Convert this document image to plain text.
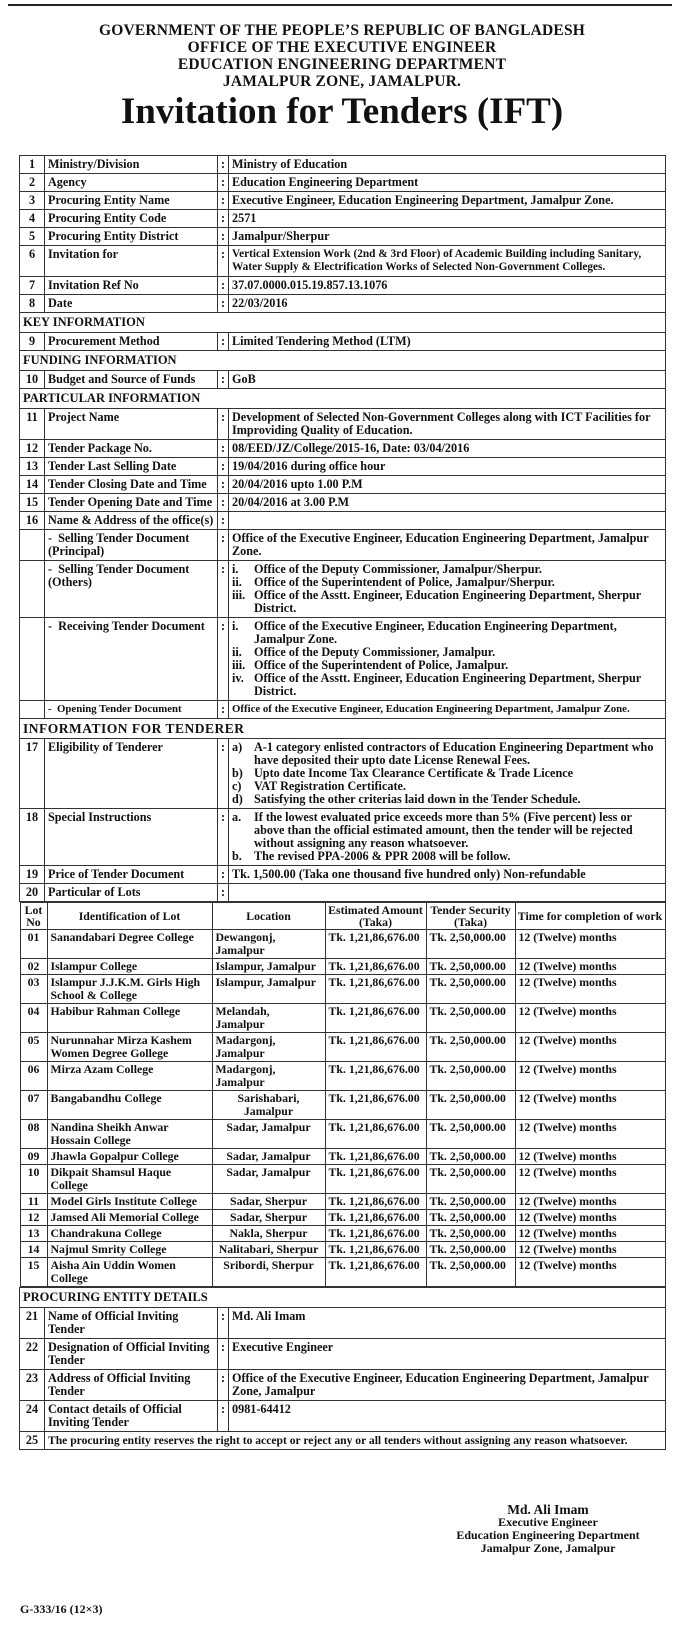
GOVERNMENT OF THE PEOPLE’S REPUBLIC OF BANGLADESH
OFFICE OF THE EXECUTIVE ENGINEER
EDUCATION ENGINEERING DEPARTMENT
JAMALPUR ZONE, JAMALPUR.
Invitation for Tenders (IFT)
1	Ministry/Division	:	Ministry of Education
2	Agency	:	Education Engineering Department
3	Procuring Entity Name	:	Executive Engineer, Education Engineering Department, Jamalpur Zone.
4	Procuring Entity Code	:	2571
5	Procuring Entity District	:	Jamalpur/Sherpur
6	Invitation for	:	Vertical Extension Work (2nd & 3rd Floor) of Academic Building including Sanitary, Water Supply & Electrification Works of Selected Non-Government Colleges.
7	Invitation Ref No	:	37.07.0000.015.19.857.13.1076
8	Date	:	22/03/2016
KEY INFORMATION
9	Procurement Method	:	Limited Tendering Method (LTM)
FUNDING INFORMATION
10	Budget and Source of Funds	:	GoB
PARTICULAR INFORMATION
11	Project Name	:	Development of Selected Non-Government Colleges along with ICT Facilities for Improviding Quality of Education.
12	Tender Package No.	:	08/EED/JZ/College/2015-16, Date: 03/04/2016
13	Tender Last Selling Date	:	19/04/2016 during office hour
14	Tender Closing Date and Time	:	20/04/2016 upto 1.00 P.M
15	Tender Opening Date and Time	:	20/04/2016 at 3.00 P.M
16	Name & Address of the office(s)	:	
	- Selling Tender Document (Principal)	:	Office of the Executive Engineer, Education Engineering Department, Jamalpur Zone.
	- Selling Tender Document (Others)	:	i.	Office of the Deputy Commissioner, Jamalpur/Sherpur.
ii. Office of the Superintendent of Police, Jamalpur/Sherpur.
iii. Office of the Asstt. Engineer, Education Engineering Department, Sherpur District.

	- Receiving Tender Document	:	i.	Office of the Executive Engineer, Education Engineering Department, Jamalpur Zone.
ii. Office of the Deputy Commissioner, Jamalpur.
iii. Office of the Superintendent of Police, Jamalpur.
iv. Office of the Asstt. Engineer, Education Engineering Department, Sherpur District.

	- Opening Tender Document	:	Office of the Executive Engineer, Education Engineering Department, Jamalpur Zone.
INFORMATION FOR TENDERER
17	Eligibility of Tenderer	:	a) A-1 category enlisted contractors of Education Engineering Department who have deposited their upto date License Renewal Fees.
b) Upto date Income Tax Clearance Certificate & Trade Licence
c)	VAT Registration Certificate.
d) Satisfying the other criterias laid down in the Tender Schedule.

18	Special Instructions	:	a.	If the lowest evaluated price exceeds more than 5% (Five percent) less or above than the official estimated amount, then the tender will be rejected without assigning any reason whatsoever.
b. The revised PPA-2006 & PPR 2008 will be follow.

19	Price of Tender Document	:	Tk. 1,500.00 (Taka one thousand five hundred only) Non-refundable
20	Particular of Lots	:	

Lot No	Identification of Lot	Location	Estimated Amount (Taka)	Tender Security (Taka)	Time for completion of work
01	Sanandabari Degree College	Dewangonj, Jamalpur	Tk. 1,21,86,676.00	Tk. 2,50,000.00	12 (Twelve) months
02	Islampur College	Islampur, Jamalpur	Tk. 1,21,86,676.00	Tk. 2,50,000.00	12 (Twelve) months
03	Islampur J.J.K.M. Girls High School & College	Islampur, Jamalpur	Tk. 1,21,86,676.00	Tk. 2,50,000.00	12 (Twelve) months
04	Habibur Rahman College	Melandah, Jamalpur	Tk. 1,21,86,676.00	Tk. 2,50,000.00	12 (Twelve) months
05	Nurunnahar Mirza Kashem Women Degree Gollege	Madargonj, Jamalpur	Tk. 1,21,86,676.00	Tk. 2,50,000.00	12 (Twelve) months
06	Mirza Azam College	Madargonj, Jamalpur	Tk. 1,21,86,676.00	Tk. 2,50,000.00	12 (Twelve) months
07	Bangabandhu College	Sarishabari, Jamalpur	Tk. 1,21,86,676.00	Tk. 2,50,000.00	12 (Twelve) months
08	Nandina Sheikh Anwar Hossain College	Sadar, Jamalpur	Tk. 1,21,86,676.00	Tk. 2,50,000.00	12 (Twelve) months
09	Jhawla Gopalpur College	Sadar, Jamalpur	Tk. 1,21,86,676.00	Tk. 2,50,000.00	12 (Twelve) months
10	Dikpait Shamsul Haque College	Sadar, Jamalpur	Tk. 1,21,86,676.00	Tk. 2,50,000.00	12 (Twelve) months
11	Model Girls Institute College	Sadar, Sherpur	Tk. 1,21,86,676.00	Tk. 2,50,000.00	12 (Twelve) months
12	Jamsed Ali Memorial College	Sadar, Sherpur	Tk. 1,21,86,676.00	Tk. 2,50,000.00	12 (Twelve) months
13	Chandrakuna College	Nakla, Sherpur	Tk. 1,21,86,676.00	Tk. 2,50,000.00	12 (Twelve) months
14	Najmul Smrity College	Nalitabari, Sherpur	Tk. 1,21,86,676.00	Tk. 2,50,000.00	12 (Twelve) months
15	Aisha Ain Uddin Women College	Sribordi, Sherpur	Tk. 1,21,86,676.00	Tk. 2,50,000.00	12 (Twelve) months

PROCURING ENTITY DETAILS
21	Name of Official Inviting Tender	:	Md. Ali Imam
22	Designation of Official Inviting Tender	:	Executive Engineer
23	Address of Official Inviting Tender	:	Office of the Executive Engineer, Education Engineering Department, Jamalpur Zone, Jamalpur
24	Contact details of Official Inviting Tender	:	0981-64412
25	The procuring entity reserves the right to accept or reject any or all tenders without assigning any reason whatsoever.
Md. Ali Imam
Executive Engineer
Education Engineering Department
Jamalpur Zone, Jamalpur
G-333/16 (12×3)
